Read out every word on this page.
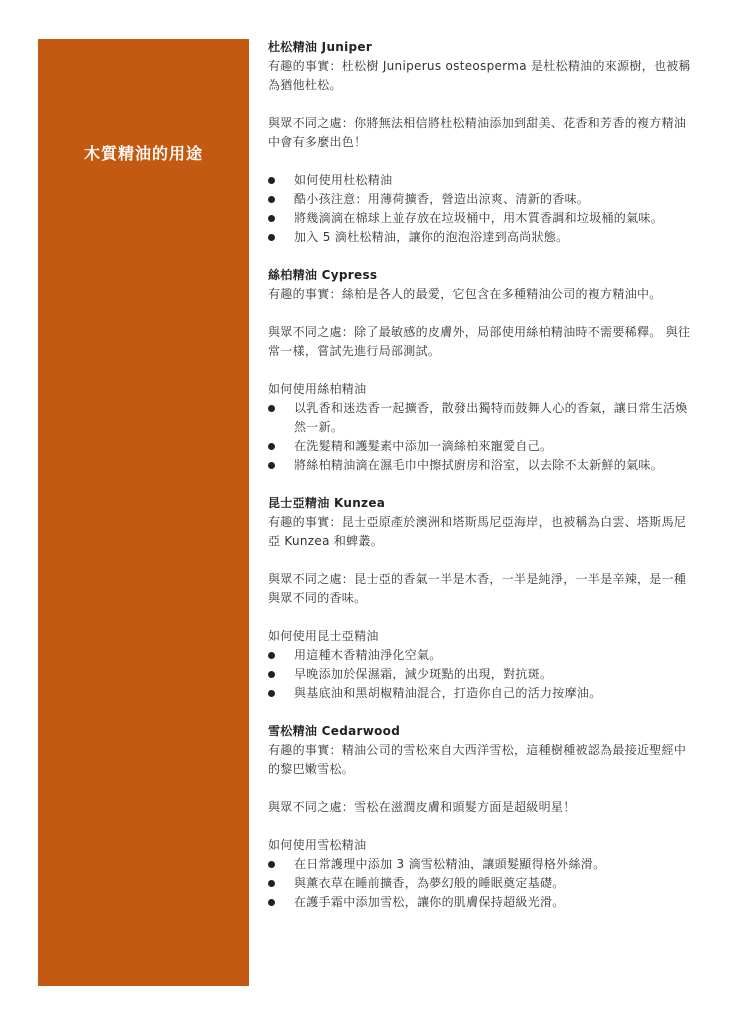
木質精油的用途

杜松精油 Juniper

有趣的事實：杜松樹 Juniperus osteosperma 是杜松精油的來源樹，也被稱為猶他杜松。

與眾不同之處：你將無法相信將杜松精油添加到甜美、花香和芳香的複方精油中會有多麼出色！

如何使用杜松精油
酷小孩注意：用薄荷擴香，營造出涼爽、清新的香味。
將幾滴滴在棉球上並存放在垃圾桶中，用木質香調和垃圾桶的氣味。
加入 5 滴杜松精油，讓你的泡泡浴達到高尚狀態。

絲柏精油 Cypress

有趣的事實：絲柏是各人的最愛，它包含在多種精油公司的複方精油中。

與眾不同之處：除了最敏感的皮膚外，局部使用絲柏精油時不需要稀釋。 與往常一樣，嘗試先進行局部測試。

如何使用絲柏精油

以乳香和迷迭香一起擴香，散發出獨特而鼓舞人心的香氣，讓日常生活煥然一新。
在洗髮精和護髮素中添加一滴絲柏來寵愛自己。
將絲柏精油滴在濕毛巾中擦拭廚房和浴室，以去除不太新鮮的氣味。

昆士亞精油 Kunzea

有趣的事實：昆士亞原產於澳洲和塔斯馬尼亞海岸，也被稱為白雲、塔斯馬尼亞 Kunzea 和蜱叢。

與眾不同之處：昆士亞的香氣一半是木香，一半是純淨，一半是辛辣，是一種與眾不同的香味。

如何使用昆士亞精油

用這種木香精油淨化空氣。
早晚添加於保濕霜，減少斑點的出現，對抗斑。
與基底油和黑胡椒精油混合，打造你自己的活力按摩油。

雪松精油 Cedarwood

有趣的事實：精油公司的雪松來自大西洋雪松，這種樹種被認為最接近聖經中的黎巴嫩雪松。

與眾不同之處：雪松在滋潤皮膚和頭髮方面是超級明星！

如何使用雪松精油

在日常護理中添加 3 滴雪松精油，讓頭髮顯得格外絲滑。
與薰衣草在睡前擴香，為夢幻般的睡眠奠定基礎。
在護手霜中添加雪松，讓你的肌膚保持超級光滑。
